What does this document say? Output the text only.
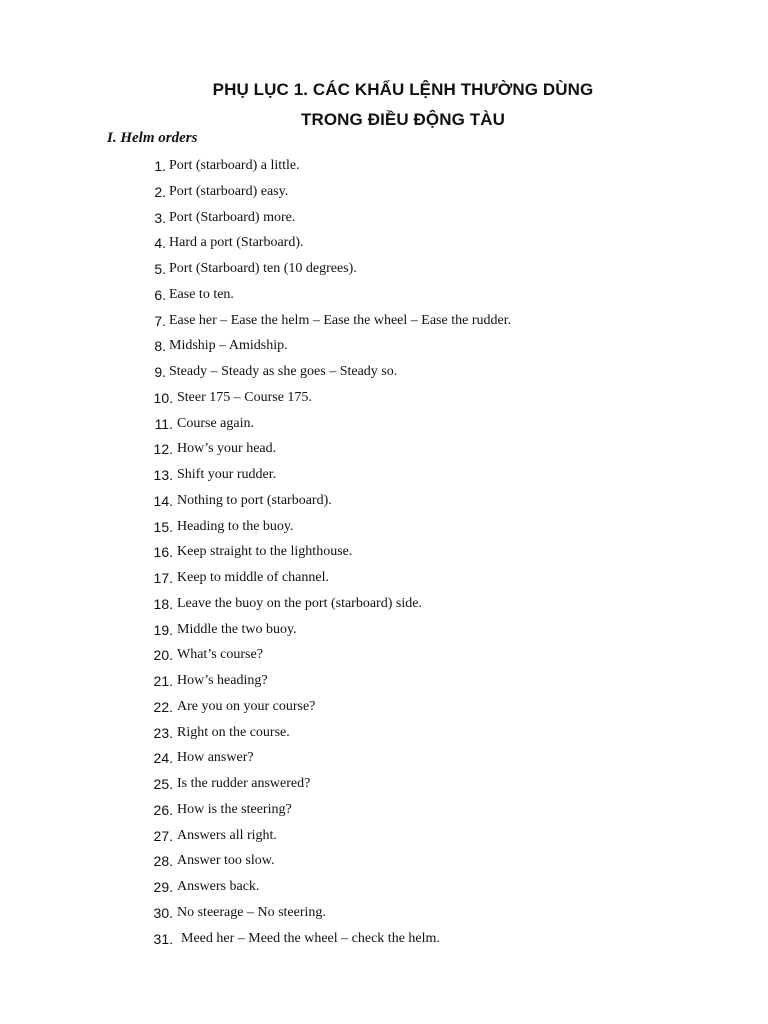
PHỤ LỤC 1. CÁC KHẨU LỆNH THƯỜNG DÙNG
TRONG ĐIỀU ĐỘNG TÀU
I. Helm orders
1. Port (starboard) a little.
2. Port (starboard) easy.
3. Port (Starboard) more.
4. Hard a port (Starboard).
5. Port (Starboard) ten (10 degrees).
6. Ease to ten.
7. Ease her – Ease the helm – Ease the wheel – Ease the rudder.
8. Midship – Amidship.
9. Steady – Steady as she goes – Steady so.
10. Steer 175 – Course 175.
11. Course again.
12. How’s your head.
13. Shift your rudder.
14. Nothing to port (starboard).
15. Heading to the buoy.
16. Keep straight to the lighthouse.
17. Keep to middle of channel.
18. Leave the buoy on the port (starboard) side.
19. Middle the two buoy.
20. What’s course?
21. How’s heading?
22. Are you on your course?
23. Right on the course.
24. How answer?
25. Is the rudder answered?
26. How is the steering?
27. Answers all right.
28. Answer too slow.
29. Answers back.
30. No steerage – No steering.
31. Meed her – Meed the wheel – check the helm.
